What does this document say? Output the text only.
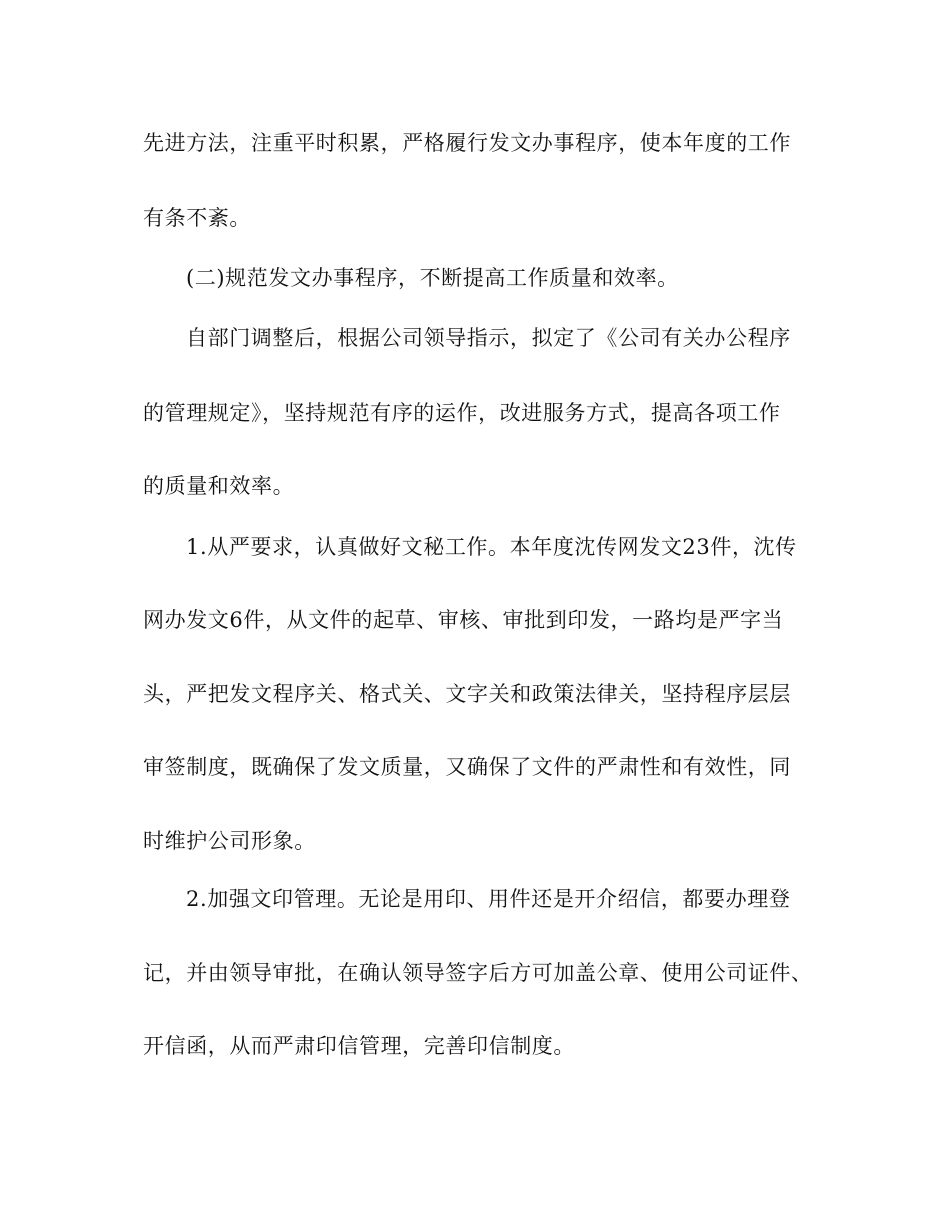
先进方法，注重平时积累，严格履行发文办事程序，使本年度的工作
有条不紊。
(二)规范发文办事程序，不断提高工作质量和效率。
自部门调整后，根据公司领导指示，拟定了《公司有关办公程序
的管理规定》，坚持规范有序的运作，改进服务方式，提高各项工作
的质量和效率。
1.从严要求，认真做好文秘工作。本年度沈传网发文23件，沈传
网办发文6件，从文件的起草、审核、审批到印发，一路均是严字当
头，严把发文程序关、格式关、文字关和政策法律关，坚持程序层层
审签制度，既确保了发文质量，又确保了文件的严肃性和有效性，同
时维护公司形象。
2.加强文印管理。无论是用印、用件还是开介绍信，都要办理登
记，并由领导审批，在确认领导签字后方可加盖公章、使用公司证件、
开信函，从而严肃印信管理，完善印信制度。
